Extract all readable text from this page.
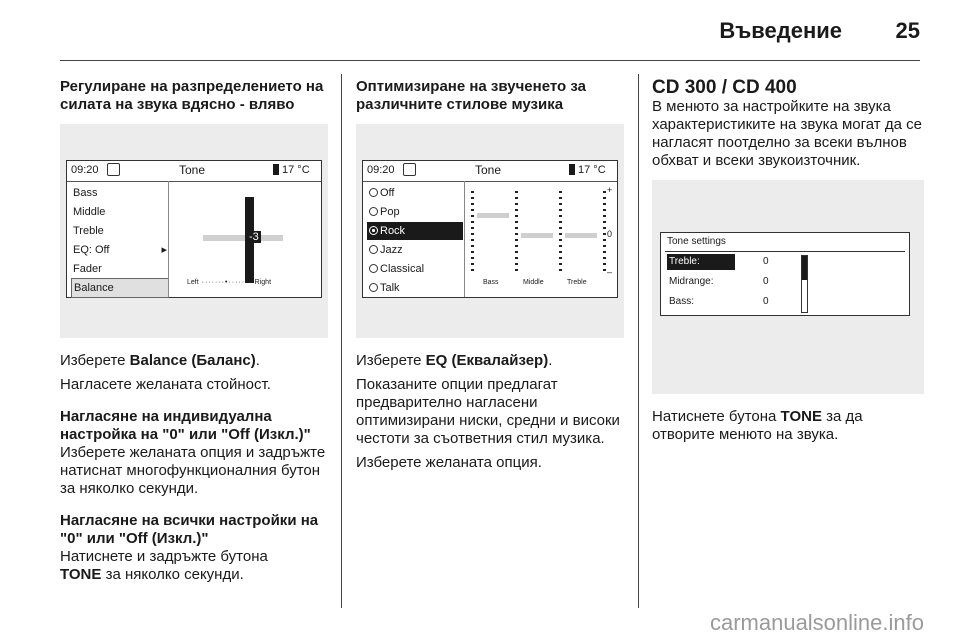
Въведение 25
Регулиране на разпределението на силата на звука вдясно - вляво
09:20	Tone	17 °C
Bass
Middle
Treble
EQ: Off	▸
Fader
Balance
-3
Left ·······•······· Right

Изберете Balance (Баланс).

Нагласете желаната стойност.

Нагласяне на индивидуална настройка на "0" или "Off (Изкл.)"

Изберете желаната опция и задръжте натиснат многофункционалния бутон за няколко секунди.

Нагласяне на всички настройки на "0" или "Off (Изкл.)"

Натиснете и задръжте бутона
TONE за няколко секунди.

Оптимизиране на звученето за различните стилове музика
09:20	Tone	17 °C
Off
Pop
Rock
Jazz
Classical
Talk
+
0
–
Bass	Middle	Treble

Изберете EQ (Еквалайзер).

Показаните опции предлагат предварително нагласени оптимизирани ниски, средни и високи честоти за съответния стил музика.

Изберете желаната опция.

CD 300 / CD 400

В менюто за настройките на звука характеристиките на звука могат да се нагласят поотделно за всеки вълнов обхват и всеки звукоизточник.

Tone settings
Treble:	0
Midrange:	0
Bass:	0

Натиснете бутона TONE за да отворите менюто на звука.

carmanualsonline.info
